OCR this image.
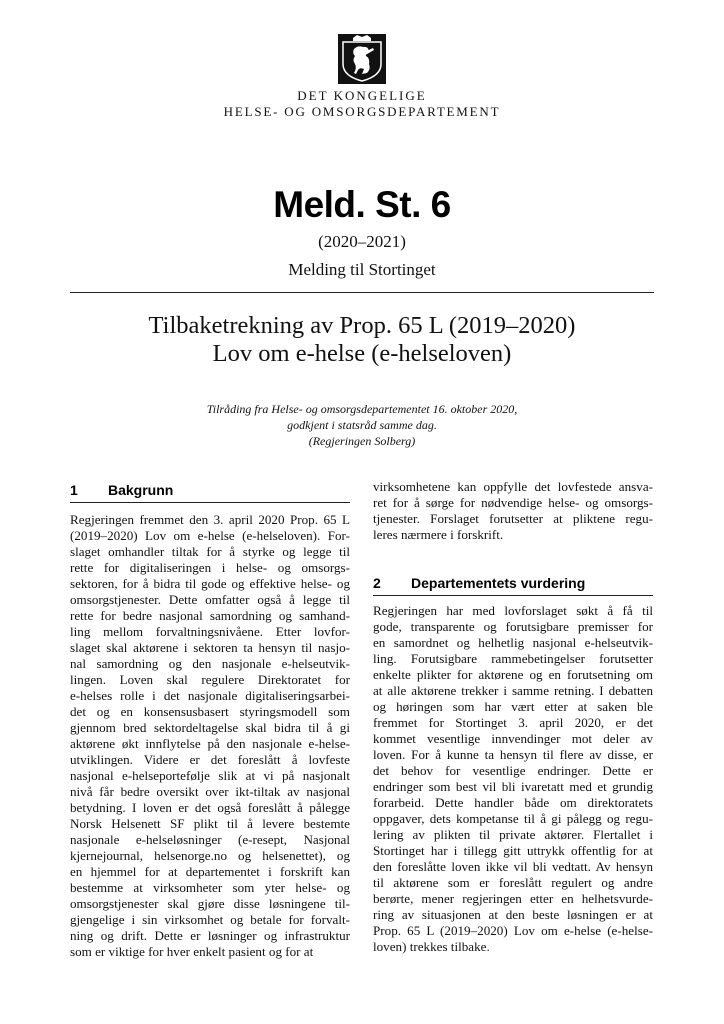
DET KONGELIGE
HELSE- OG OMSORGSDEPARTEMENT
Meld. St. 6
(2020–2021)
Melding til Stortinget
Tilbaketrekning av Prop. 65 L (2019–2020)
Lov om e-helse (e-helseloven)
Tilråding fra Helse- og omsorgsdepartementet 16. oktober 2020,
godkjent i statsråd samme dag.
(Regjeringen Solberg)
1 Bakgrunn
Regjeringen fremmet den 3. april 2020 Prop. 65 L
(2019–2020) Lov om e-helse (e-helseloven). For-
slaget omhandler tiltak for å styrke og legge til
rette for digitaliseringen i helse- og omsorgs-
sektoren, for å bidra til gode og effektive helse- og
omsorgstjenester. Dette omfatter også å legge til
rette for bedre nasjonal samordning og samhand-
ling mellom forvaltningsnivåene. Etter lovfor-
slaget skal aktørene i sektoren ta hensyn til nasjo-
nal samordning og den nasjonale e-helseutvik-
lingen. Loven skal regulere Direktoratet for
e-helses rolle i det nasjonale digitaliseringsarbei-
det og en konsensusbasert styringsmodell som
gjennom bred sektordeltagelse skal bidra til å gi
aktørene økt innflytelse på den nasjonale e-helse-
utviklingen. Videre er det foreslått å lovfeste
nasjonal e-helseportefølje slik at vi på nasjonalt
nivå får bedre oversikt over ikt-tiltak av nasjonal
betydning. I loven er det også foreslått å pålegge
Norsk Helsenett SF plikt til å levere bestemte
nasjonale e-helseløsninger (e-resept, Nasjonal
kjernejournal, helsenorge.no og helsenettet), og
en hjemmel for at departementet i forskrift kan
bestemme at virksomheter som yter helse- og
omsorgstjenester skal gjøre disse løsningene til-
gjengelige i sin virksomhet og betale for forvalt-
ning og drift. Dette er løsninger og infrastruktur
som er viktige for hver enkelt pasient og for at
virksomhetene kan oppfylle det lovfestede ansva-
ret for å sørge for nødvendige helse- og omsorgs-
tjenester. Forslaget forutsetter at pliktene regu-
leres nærmere i forskrift.
2 Departementets vurdering
Regjeringen har med lovforslaget søkt å få til
gode, transparente og forutsigbare premisser for
en samordnet og helhetlig nasjonal e-helseutvik-
ling. Forutsigbare rammebetingelser forutsetter
enkelte plikter for aktørene og en forutsetning om
at alle aktørene trekker i samme retning. I debatten
og høringen som har vært etter at saken ble
fremmet for Stortinget 3. april 2020, er det
kommet vesentlige innvendinger mot deler av
loven. For å kunne ta hensyn til flere av disse, er
det behov for vesentlige endringer. Dette er
endringer som best vil bli ivaretatt med et grundig
forarbeid. Dette handler både om direktoratets
oppgaver, dets kompetanse til å gi pålegg og regu-
lering av plikten til private aktører. Flertallet i
Stortinget har i tillegg gitt uttrykk offentlig for at
den foreslåtte loven ikke vil bli vedtatt. Av hensyn
til aktørene som er foreslått regulert og andre
berørte, mener regjeringen etter en helhetsvurde-
ring av situasjonen at den beste løsningen er at
Prop. 65 L (2019–2020) Lov om e-helse (e-helse-
loven) trekkes tilbake.
